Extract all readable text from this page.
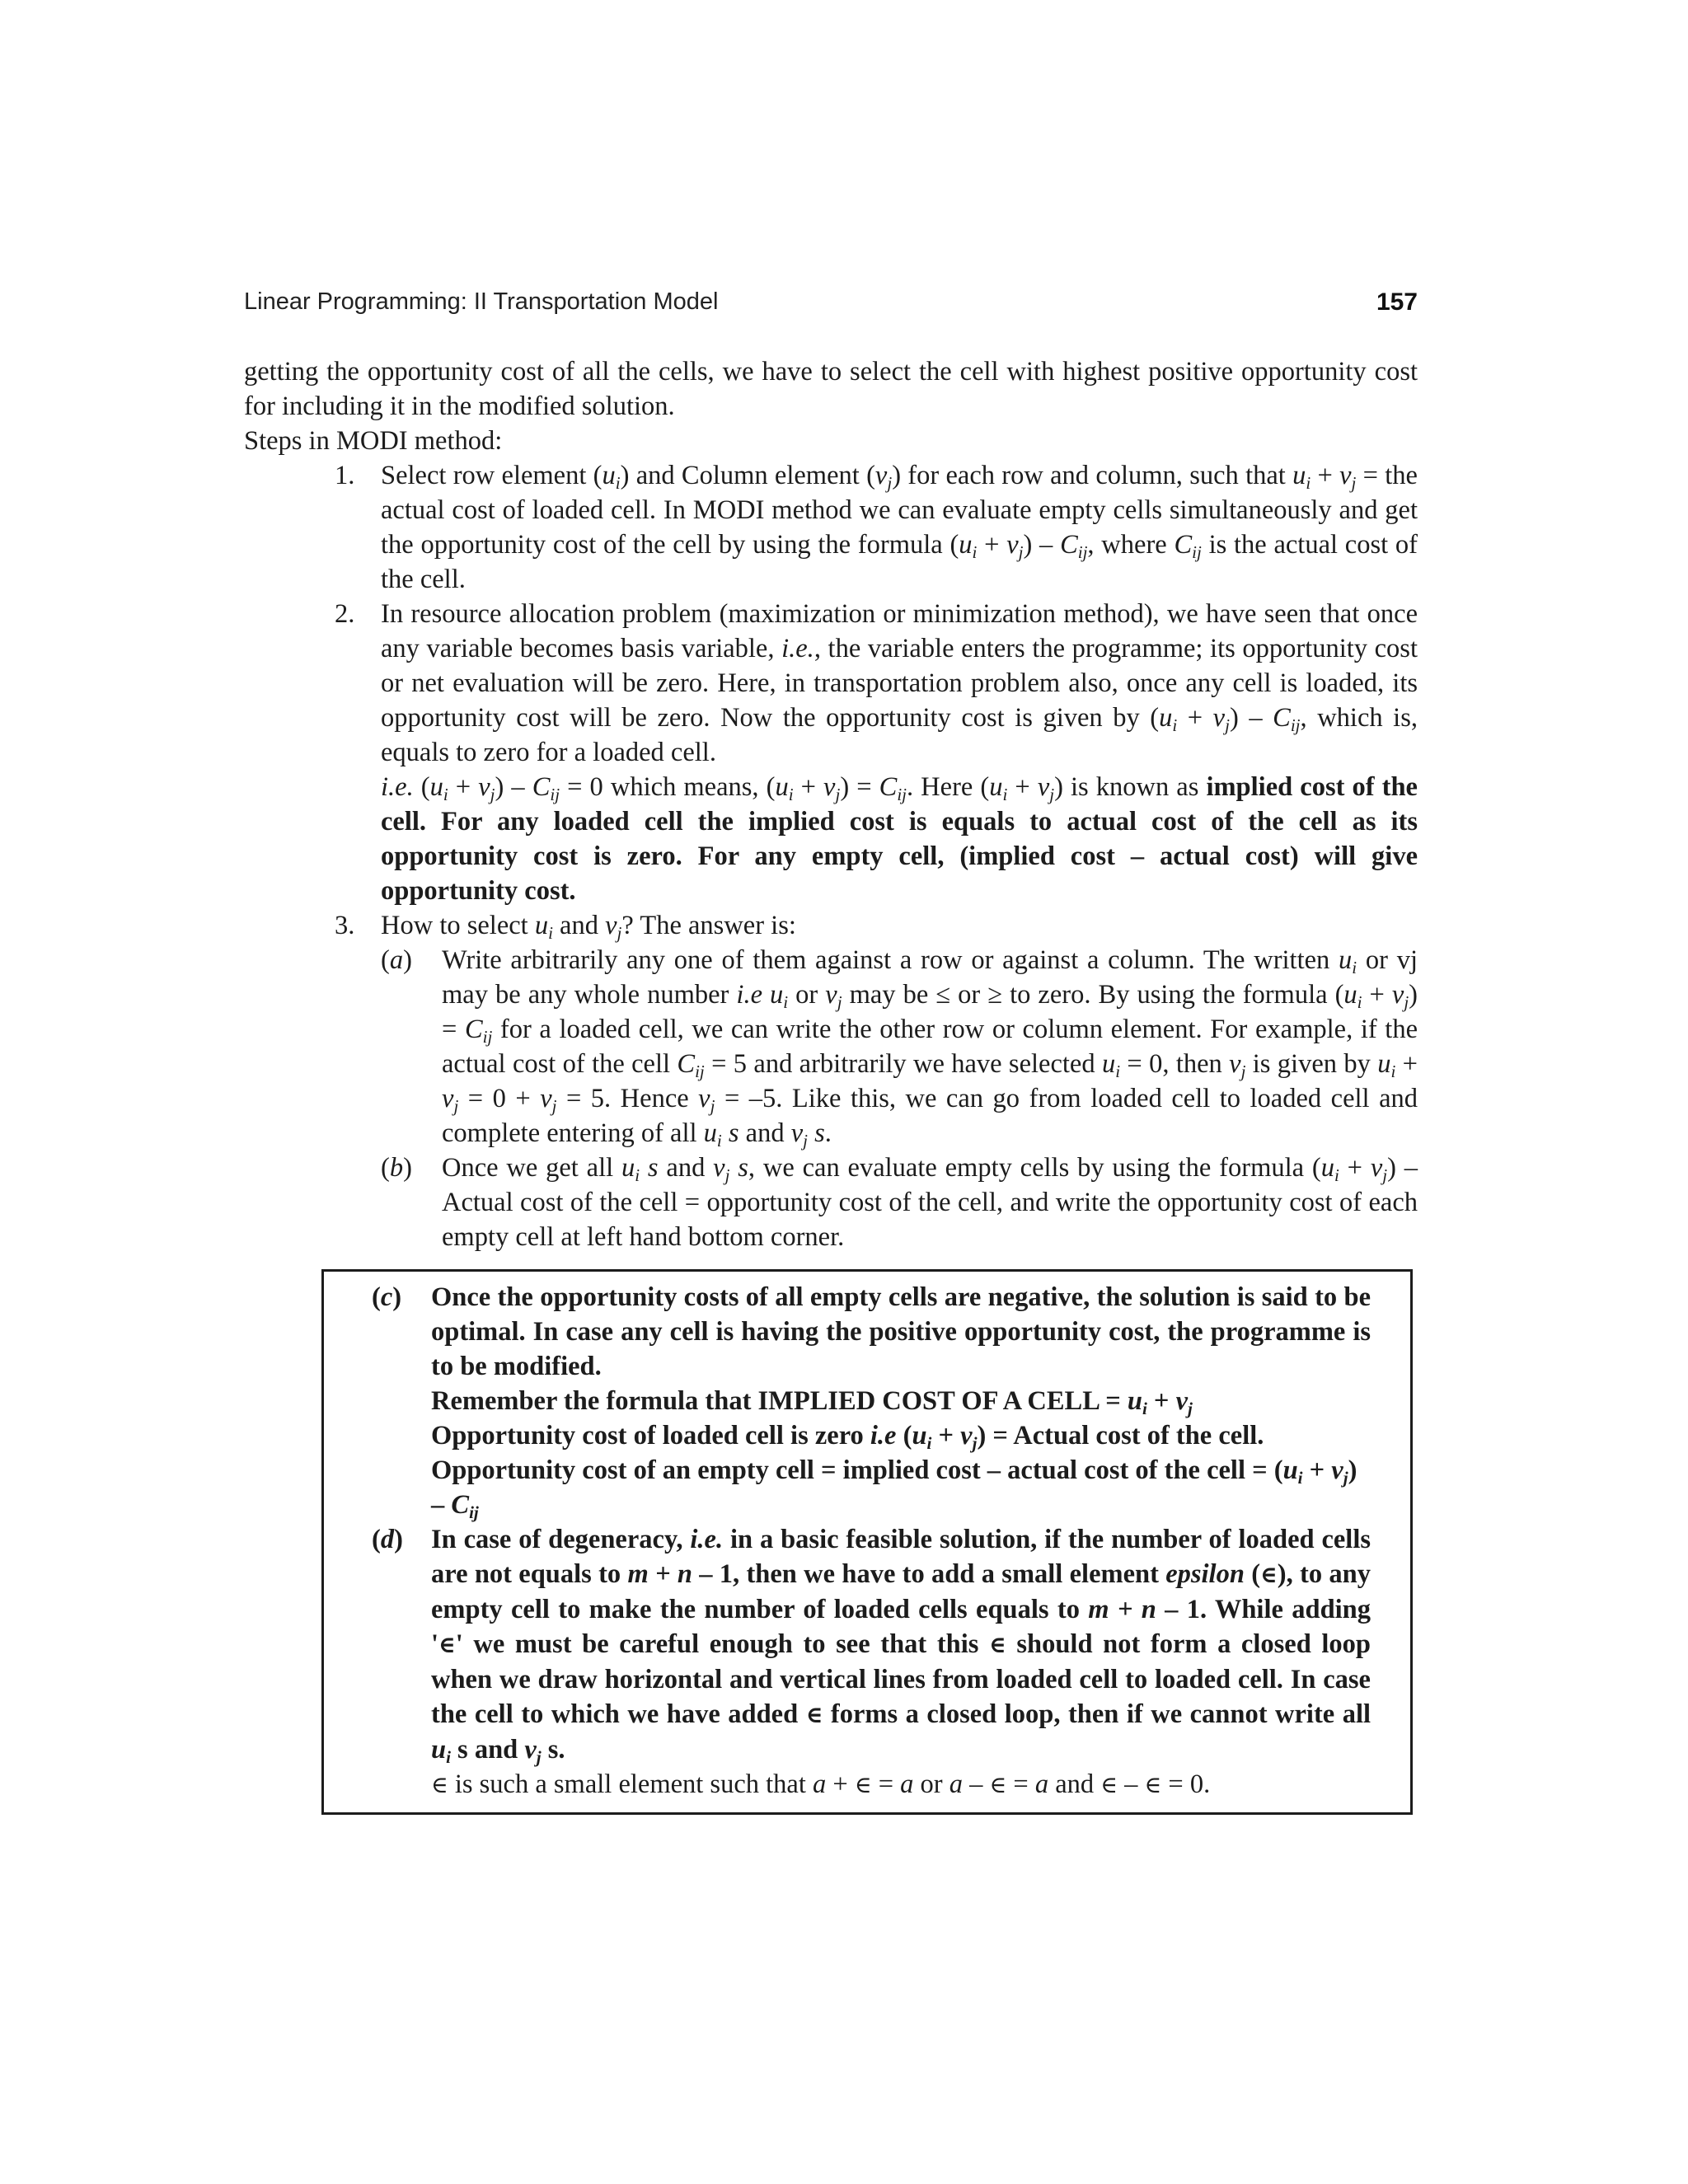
Linear Programming: II Transportation Model	157

getting the opportunity cost of all the cells, we have to select the cell with highest positive opportunity cost for including it in the modified solution.

Steps in MODI method:

1. Select row element $(u_i)$ and Column element $(v_j)$ for each row and column, such that $u_i + v_j$ = the actual cost of loaded cell. In MODI method we can evaluate empty cells simultaneously and get the opportunity cost of the cell by using the formula $(u_i + v_j) - C_{ij}$, where $C_{ij}$ is the actual cost of the cell.

2. In resource allocation problem (maximization or minimization method), we have seen that once any variable becomes basis variable, i.e., the variable enters the programme; its opportunity cost or net evaluation will be zero. Here, in transportation problem also, once any cell is loaded, its opportunity cost will be zero. Now the opportunity cost is given by $(u_i + v_j) - C_{ij}$, which is, equals to zero for a loaded cell.

i.e. $(u_i + v_j) - C_{ij} = 0$ which means, $(u_i + v_j) = C_{ij}$. Here $(u_i + v_j)$ is known as implied cost of the cell. For any loaded cell the implied cost is equals to actual cost of the cell as its opportunity cost is zero. For any empty cell, (implied cost – actual cost) will give opportunity cost.

3. How to select $u_i$ and $v_j$? The answer is:

(a) Write arbitrarily any one of them against a row or against a column. The written $u_i$ or vj may be any whole number i.e $u_i$ or $v_j$ may be ≤ or ≥ to zero. By using the formula $(u_i + v_j) = C_{ij}$ for a loaded cell, we can write the other row or column element. For example, if the actual cost of the cell $C_{ij} = 5$ and arbitrarily we have selected $u_i = 0$, then $v_j$ is given by $u_i + v_j = 0 + v_j = 5$. Hence $v_j = -5$. Like this, we can go from loaded cell to loaded cell and complete entering of all $u_i$ s and $v_j$ s.

(b) Once we get all $u_i$ s and $v_j$ s, we can evaluate empty cells by using the formula $(u_i + v_j)$ – Actual cost of the cell = opportunity cost of the cell, and write the opportunity cost of each empty cell at left hand bottom corner.

(c) Once the opportunity costs of all empty cells are negative, the solution is said to be optimal. In case any cell is having the positive opportunity cost, the programme is to be modified.

Remember the formula that IMPLIED COST OF A CELL = $u_i + v_j$

Opportunity cost of loaded cell is zero i.e $(u_i + v_j)$ = Actual cost of the cell.

Opportunity cost of an empty cell = implied cost – actual cost of the cell = $(u_i + v_j) - C_{ij}$

(d) In case of degeneracy, i.e. in a basic feasible solution, if the number of loaded cells are not equals to m + n – 1, then we have to add a small element epsilon (∈), to any empty cell to make the number of loaded cells equals to m + n – 1. While adding '∈' we must be careful enough to see that this ∈ should not form a closed loop when we draw horizontal and vertical lines from loaded cell to loaded cell. In case the cell to which we have added ∈ forms a closed loop, then if we cannot write all $u_i$ s and $v_j$ s.

∈ is such a small element such that a + ∈ = a or a – ∈ = a and ∈ – ∈ = 0.
